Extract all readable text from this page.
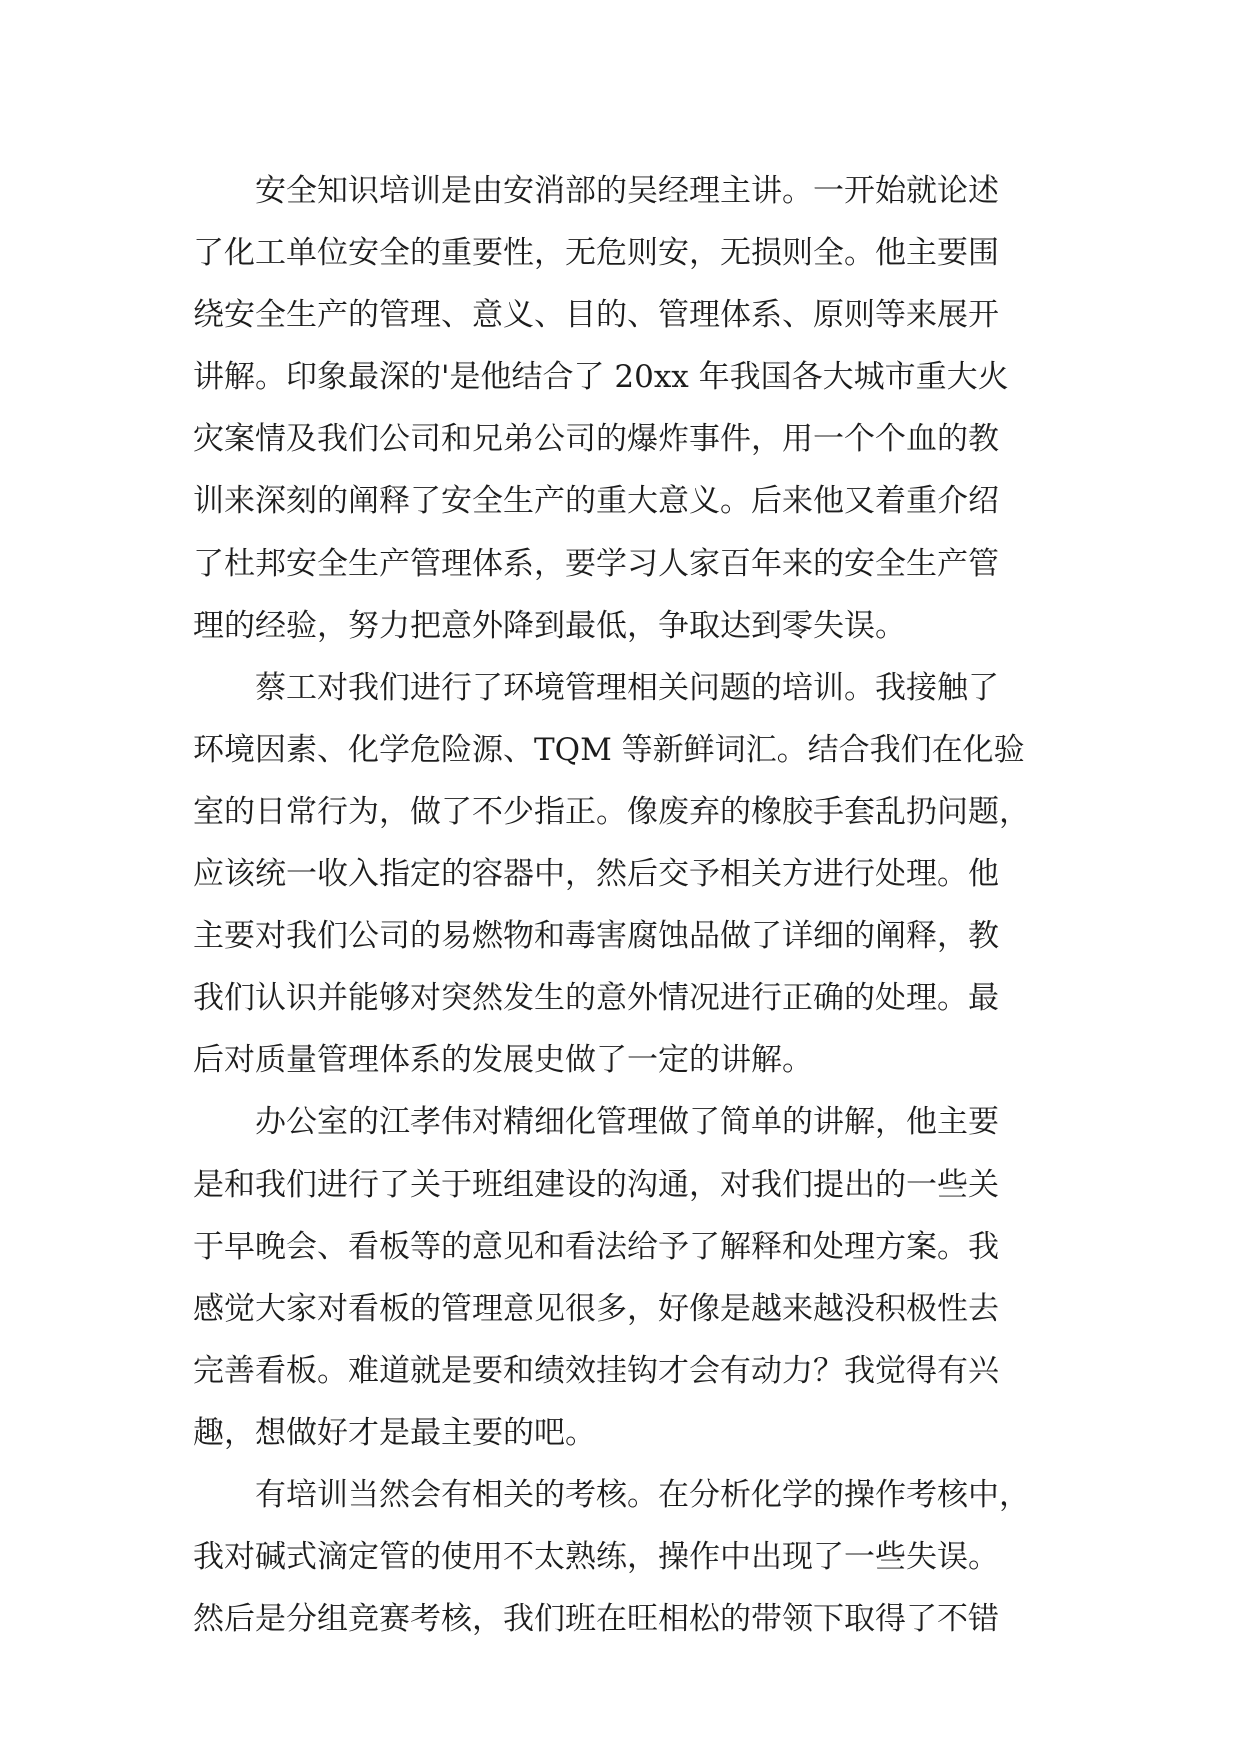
安全知识培训是由安消部的吴经理主讲。一开始就论述
了化工单位安全的重要性，无危则安，无损则全。他主要围
绕安全生产的管理、意义、目的、管理体系、原则等来展开
讲解。印象最深的'是他结合了 20xx 年我国各大城市重大火
灾案情及我们公司和兄弟公司的爆炸事件，用一个个血的教
训来深刻的阐释了安全生产的重大意义。后来他又着重介绍
了杜邦安全生产管理体系，要学习人家百年来的安全生产管
理的经验，努力把意外降到最低，争取达到零失误。
蔡工对我们进行了环境管理相关问题的培训。我接触了
环境因素、化学危险源、TQM 等新鲜词汇。结合我们在化验
室的日常行为，做了不少指正。像废弃的橡胶手套乱扔问题，
应该统一收入指定的容器中，然后交予相关方进行处理。他
主要对我们公司的易燃物和毒害腐蚀品做了详细的阐释，教
我们认识并能够对突然发生的意外情况进行正确的处理。最
后对质量管理体系的发展史做了一定的讲解。
办公室的江孝伟对精细化管理做了简单的讲解，他主要
是和我们进行了关于班组建设的沟通，对我们提出的一些关
于早晚会、看板等的意见和看法给予了解释和处理方案。我
感觉大家对看板的管理意见很多，好像是越来越没积极性去
完善看板。难道就是要和绩效挂钩才会有动力？我觉得有兴
趣，想做好才是最主要的吧。
有培训当然会有相关的考核。在分析化学的操作考核中，
我对碱式滴定管的使用不太熟练，操作中出现了一些失误。
然后是分组竞赛考核，我们班在旺相松的带领下取得了不错
